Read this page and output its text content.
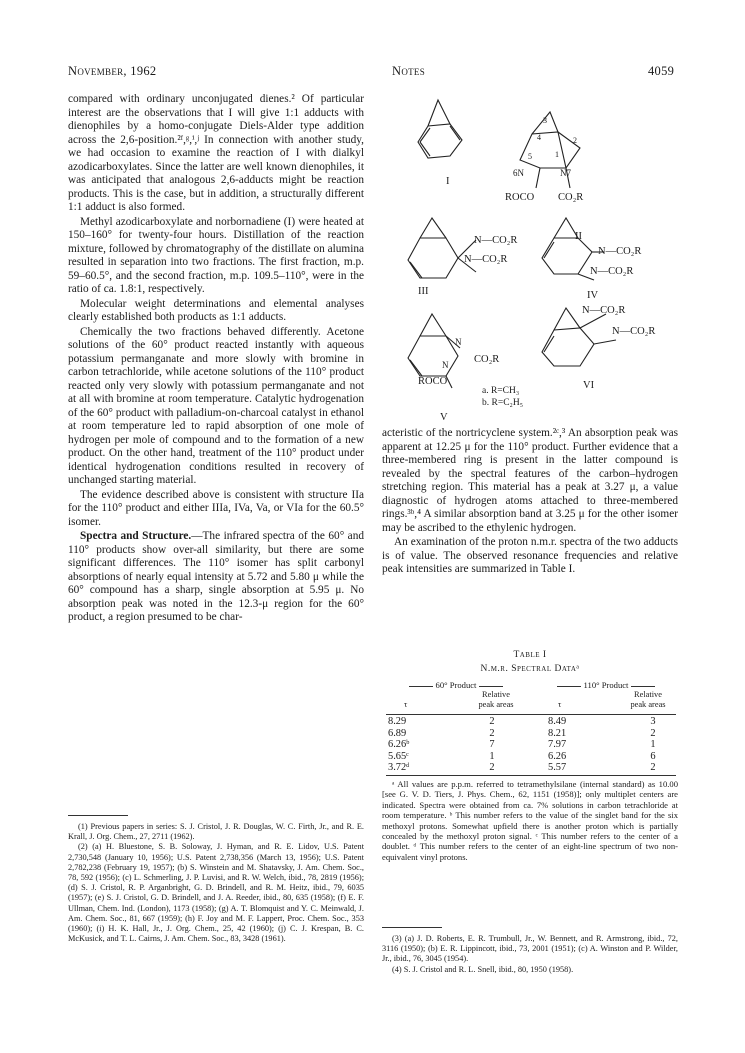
November, 1962	Notes	4059

compared with ordinary unconjugated dienes.² Of particular interest are the observations that I will give 1:1 adducts with dienophiles by a homo-conjugate Diels-Alder type addition across the 2,6-position.²ᶠ,ᵍ,ⁱ,ʲ In connection with another study, we had occasion to examine the reaction of I with dialkyl azodicarboxylates. Since the latter are well known dienophiles, it was anticipated that analogous 2,6-adducts might be reaction products. This is the case, but in addition, a structurally different 1:1 adduct is also formed.

Methyl azodicarboxylate and norbornadiene (I) were heated at 150–160° for twenty-four hours. Distillation of the reaction mixture, followed by chromatography of the distillate on alumina resulted in separation into two fractions. The first fraction, m.p. 59–60.5°, and the second fraction, m.p. 109.5–110°, were in the ratio of ca. 1.8:1, respectively.

Molecular weight determinations and elemental analyses clearly established both products as 1:1 adducts.

Chemically the two fractions behaved differently. Acetone solutions of the 60° product reacted instantly with aqueous potassium permanganate and more slowly with bromine in carbon tetrachloride, while acetone solutions of the 110° product reacted only very slowly with potassium permanganate and not at all with bromine at room temperature. Catalytic hydrogenation of the 60° product with palladium-on-charcoal catalyst in ethanol at room temperature led to rapid absorption of one mole of hydrogen per mole of compound and to the formation of a new product. On the other hand, treatment of the 110° product under identical hydrogenation conditions resulted in recovery of unchanged starting material.

The evidence described above is consistent with structure IIa for the 110° product and either IIIa, IVa, Va, or VIa for the 60.5° isomer.

Spectra and Structure.—The infrared spectra of the 60° and 110° products show over-all similarity, but there are some significant differences. The 110° isomer has split carbonyl absorptions of nearly equal intensity at 5.72 and 5.80 μ while the 60° compound has a sharp, single absorption at 5.95 μ. No absorption peak was noted in the 12.3-μ region for the 60° product, a region presumed to be char-

(1) Previous papers in series: S. J. Cristol, J. R. Douglas, W. C. Firth, Jr., and R. E. Krall, J. Org. Chem., 27, 2711 (1962).

(2) (a) H. Bluestone, S. B. Soloway, J. Hyman, and R. E. Lidov, U.S. Patent 2,730,548 (January 10, 1956); U.S. Patent 2,738,356 (March 13, 1956); U.S. Patent 2,782,238 (February 19, 1957); (b) S. Winstein and M. Shatavsky, J. Am. Chem. Soc., 78, 592 (1956); (c) L. Schmerling, J. P. Luvisi, and R. W. Welch, ibid., 78, 2819 (1956); (d) S. J. Cristol, R. P. Arganbright, G. D. Brindell, and R. M. Heitz, ibid., 79, 6035 (1957); (e) S. J. Cristol, G. D. Brindell, and J. A. Reeder, ibid., 80, 635 (1958); (f) E. F. Ullman, Chem. Ind. (London), 1173 (1958); (g) A. T. Blomquist and Y. C. Meinwald, J. Am. Chem. Soc., 81, 667 (1959); (h) F. Joy and M. F. Lappert, Proc. Chem. Soc., 353 (1960); (i) H. K. Hall, Jr., J. Org. Chem., 25, 42 (1960); (j) C. J. Krespan, B. C. McKusick, and T. L. Cairns, J. Am. Chem. Soc., 83, 3428 (1961).

I
II
III	IV
V
VI
6N	N7
ROCO CO₂R
3
2
4
5	1
N—CO₂R
N—CO₂R
N—CO₂R
N—CO₂R
CO₂R
ROCO
N
N
N—CO₂R
N—CO₂R
a. R=CH₃
b. R=C₂H₅

acteristic of the nortricyclene system.²ᶜ,³ An absorption peak was apparent at 12.25 μ for the 110° product. Further evidence that a three-membered ring is present in the latter compound is revealed by the spectral features of the carbon–hydrogen stretching region. This material has a peak at 3.27 μ, a value diagnostic of hydrogen atoms attached to three-membered rings.³ᵇ,⁴ A similar absorption band at 3.25 μ for the other isomer may be ascribed to the ethylenic hydrogen.

An examination of the proton n.m.r. spectra of the two adducts is of value. The observed resonance frequencies and relative peak intensities are summarized in Table I.

Table I
N.m.r. Spectral Dataᵃ
60° Product	110° Product
Relative
peak areas
τ
Relative
peak areas
τ
8.29	2	8.49	3
6.89	2	8.21	2
6.26ᵇ	7	7.97	1
5.65ᶜ	1	6.26	6
3.72ᵈ	2	5.57	2

ᵃ All values are p.p.m. referred to tetramethylsilane (internal standard) as 10.00 [see G. V. D. Tiers, J. Phys. Chem., 62, 1151 (1958)]; only multiplet centers are indicated. Spectra were obtained from ca. 7% solutions in carbon tetrachloride at room temperature. ᵇ This number refers to the value of the singlet band for the six methoxyl protons. Somewhat upfield there is another proton which is partially concealed by the methoxyl proton signal. ᶜ This number refers to the center of a doublet. ᵈ This number refers to the center of an eight-line spectrum of two non-equivalent vinyl protons.

(3) (a) J. D. Roberts, E. R. Trumbull, Jr., W. Bennett, and R. Armstrong, ibid., 72, 3116 (1950); (b) E. R. Lippincott, ibid., 73, 2001 (1951); (c) A. Winston and P. Wilder, Jr., ibid., 76, 3045 (1954).

(4) S. J. Cristol and R. L. Snell, ibid., 80, 1950 (1958).
